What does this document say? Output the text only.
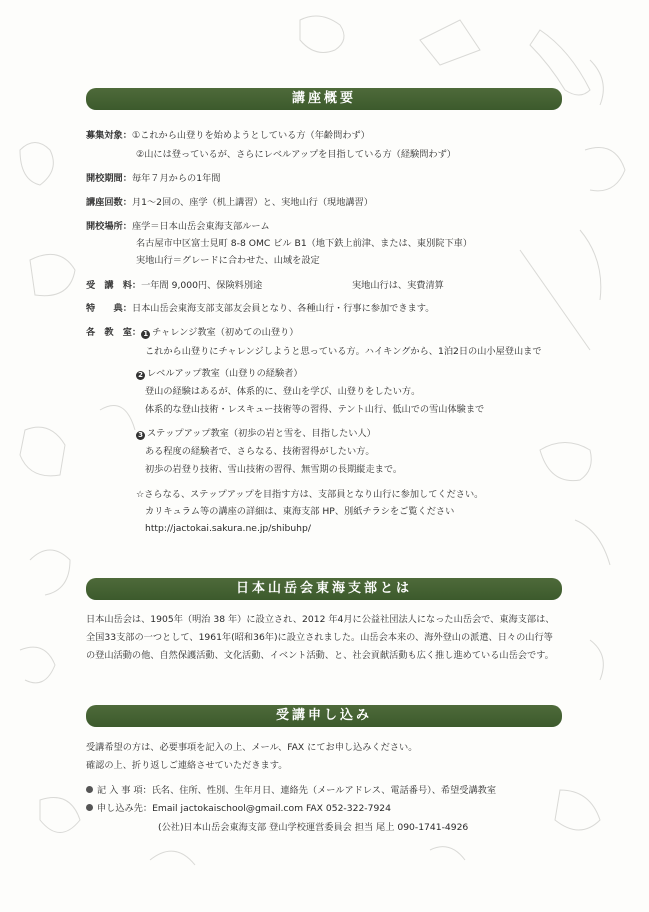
講座概要
募集対象：①これから山登りを始めようとしている方（年齢問わず）
②山には登っているが、さらにレベルアップを目指している方（経験問わず）
開校期間：毎年７月からの1年間
講座回数：月1～2回の、座学（机上講習）と、実地山行（現地講習）
開校場所：座学＝日本山岳会東海支部ルーム
名古屋市中区富士見町 8-8 OMC ビル B1（地下鉄上前津、または、東別院下車）
実地山行＝グレードに合わせた、山域を設定
受　講　料：一年間 9,000円、保険料別途	実地山行は、実費清算
特　　典：日本山岳会東海支部支部友会員となり、各種山行・行事に参加できます。
各　教　室： 1 チャレンジ教室（初めての山登り）
これから山登りにチャレンジしようと思っている方。ハイキングから、1泊2日の山小屋登山まで
2 レベルアップ教室（山登りの経験者）
登山の経験はあるが、体系的に、登山を学び、山登りをしたい方。
体系的な登山技術・レスキュー技術等の習得、テント山行、低山での雪山体験まで
3 ステップアップ教室（初歩の岩と雪を、目指したい人）
ある程度の経験者で、さらなる、技術習得がしたい方。
初歩の岩登り技術、雪山技術の習得、無雪期の長期縦走まで。
☆さらなる、ステップアップを目指す方は、支部員となり山行に参加してください。
カリキュラム等の講座の詳細は、東海支部 HP、別紙チラシをご覧ください
http://jactokai.sakura.ne.jp/shibuhp/
日本山岳会東海支部とは
日本山岳会は、1905年（明治 38 年）に設立され、2012 年4月に公益社団法人になった山岳会で、東海支部は、
全国33支部の一つとして、1961年(昭和36年)に設立されました。山岳会本来の、海外登山の派遣、日々の山行等
の登山活動の他、自然保護活動、文化活動、イベント活動、と、社会貢献活動も広く推し進めている山岳会です。
受講申し込み
受講希望の方は、必要事項を記入の上、メール、FAX にてお申し込みください。
確認の上、折り返しご連絡させていただきます。
記 入 事 項：氏名、住所、性別、生年月日、連絡先（メールアドレス、電話番号）、希望受講教室
申し込み先：Email jactokaischool@gmail.com FAX 052-322-7924
(公社)日本山岳会東海支部 登山学校運営委員会 担当 尾上 090-1741-4926
